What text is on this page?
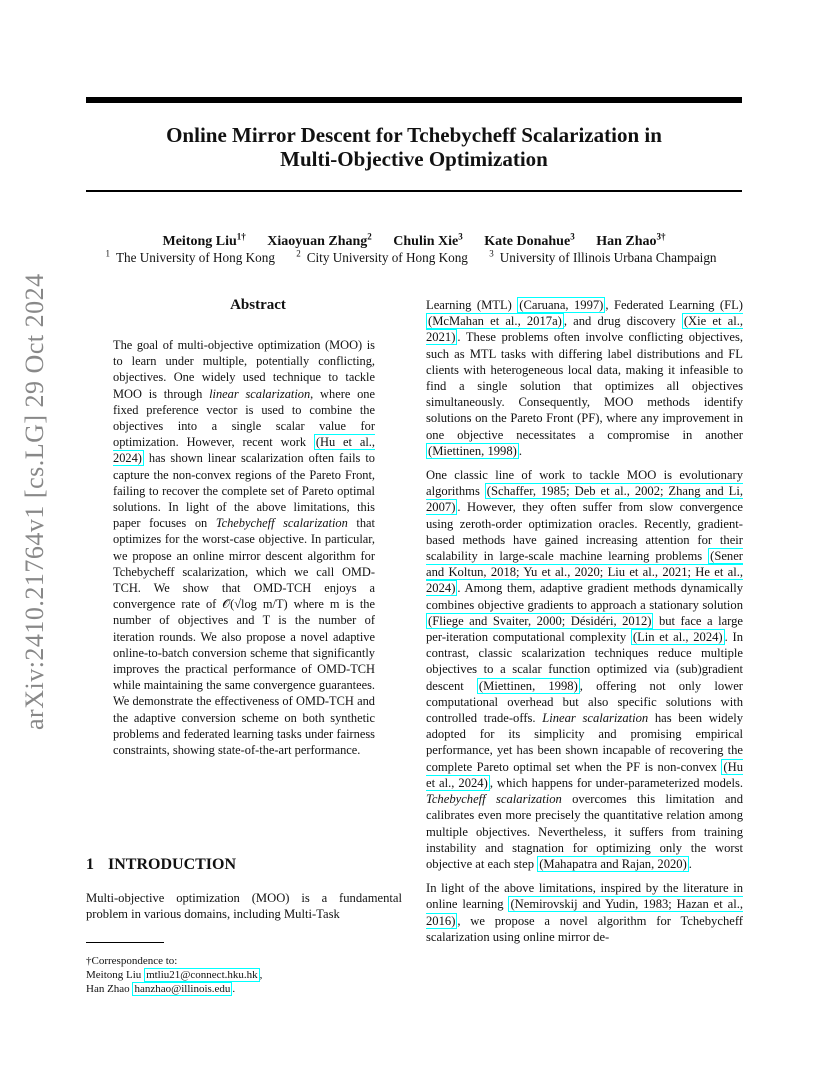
Online Mirror Descent for Tchebycheff Scalarization in
Multi-Objective Optimization
Meitong Liu$^{1\dagger}$ Xiaoyuan Zhang$^2$ Chulin Xie$^3$ Kate Donahue$^3$ Han Zhao$^{3\dagger}$
$^1$ The University of Hong Kong $^2$ City University of Hong Kong $^3$ University of Illinois Urbana Champaign
arXiv:2410.21764v1 [cs.LG] 29 Oct 2024	Abstract
The goal of multi-objective optimization (MOO) is to learn under multiple, potentially conflicting, objectives. One widely used technique to tackle MOO is through linear scalarization, where one fixed preference vector is used to combine the objectives into a single scalar value for optimization. However, recent work (Hu et al., 2024) has shown linear scalarization often fails to capture the non-convex regions of the Pareto Front, failing to recover the complete set of Pareto optimal solutions. In light of the above limitations, this paper focuses on Tchebycheff scalarization that optimizes for the worst-case objective. In particular, we propose an online mirror descent algorithm for Tchebycheff scalarization, which we call OMD-TCH. We show that OMD-TCH enjoys a convergence rate of 𝒪(√log m/T) where m is the number of objectives and T is the number of iteration rounds. We also propose a novel adaptive online-to-batch conversion scheme that significantly improves the practical performance of OMD-TCH while maintaining the same convergence guarantees. We demonstrate the effectiveness of OMD-TCH and the adaptive conversion scheme on both synthetic problems and federated learning tasks under fairness constraints, showing state-of-the-art performance.
1 INTRODUCTION
Multi-objective optimization (MOO) is a fundamental problem in various domains, including Multi-Task
†Correspondence to:
Meitong Liu mtliu21@connect.hku.hk ,
Han Zhao hanzhao@illinois.edu .

Learning (MTL) (Caruana, 1997) , Federated Learning (FL) (McMahan et al., 2017a) , and drug discovery (Xie et al., 2021) . These problems often involve conflicting objectives, such as MTL tasks with differing label distributions and FL clients with heterogeneous local data, making it infeasible to find a single solution that optimizes all objectives simultaneously. Consequently, MOO methods identify solutions on the Pareto Front (PF), where any improvement in one objective necessitates a compromise in another (Miettinen, 1998) .

One classic line of work to tackle MOO is evolutionary algorithms (Schaffer, 1985; Deb et al., 2002; Zhang and Li, 2007) . However, they often suffer from slow convergence using zeroth-order optimization oracles. Recently, gradient-based methods have gained increasing attention for their scalability in large-scale machine learning problems (Sener and Koltun, 2018; Yu et al., 2020; Liu et al., 2021; He et al., 2024) . Among them, adaptive gradient methods dynamically combines objective gradients to approach a stationary solution (Fliege and Svaiter, 2000; Désidéri, 2012) but face a large per-iteration computational complexity (Lin et al., 2024) . In contrast, classic scalarization techniques reduce multiple objectives to a scalar function optimized via (sub)gradient descent (Miettinen, 1998) , offering not only lower computational overhead but also specific solutions with controlled trade-offs. Linear scalarization has been widely adopted for its simplicity and promising empirical performance, yet has been shown incapable of recovering the complete Pareto optimal set when the PF is non-convex (Hu et al., 2024) , which happens for under-parameterized models. Tchebycheff scalarization overcomes this limitation and calibrates even more precisely the quantitative relation among multiple objectives. Nevertheless, it suffers from training instability and stagnation for optimizing only the worst objective at each step (Mahapatra and Rajan, 2020) .

In light of the above limitations, inspired by the literature in online learning (Nemirovskij and Yudin, 1983; Hazan et al., 2016) , we propose a novel algorithm for Tchebycheff scalarization using online mirror de-
